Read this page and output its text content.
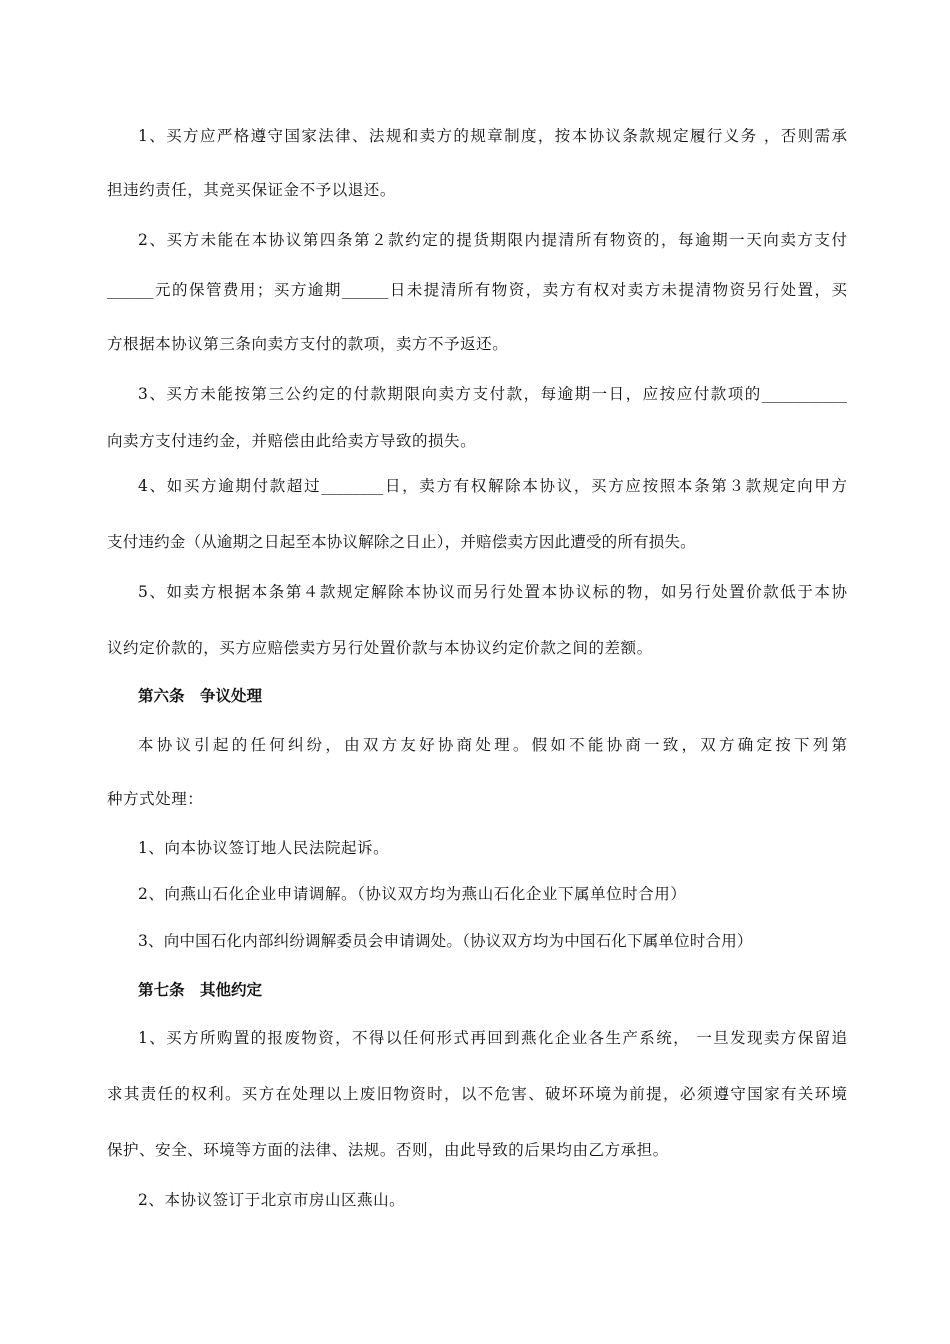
1、买方应严格遵守国家法律、法规和卖方的规章制度，按本协议条款规定履行义务 ，否则需承
担违约责任，其竞买保证金不予以退还。
2、买方未能在本协议第四条第２款约定的提货期限内提清所有物资的，每逾期一天向卖方支付
______元的保管费用；买方逾期______日未提清所有物资，卖方有权对卖方未提清物资另行处置，买
方根据本协议第三条向卖方支付的款项，卖方不予返还。
3、买方未能按第三公约定的付款期限向卖方支付款，每逾期一日，应按应付款项的___________
向卖方支付违约金，并赔偿由此给卖方导致的损失。
4、如买方逾期付款超过________日，卖方有权解除本协议，买方应按照本条第３款规定向甲方
支付违约金（从逾期之日起至本协议解除之日止），并赔偿卖方因此遭受的所有损失。
5、如卖方根据本条第４款规定解除本协议而另行处置本协议标的物，如另行处置价款低于本协
议约定价款的，买方应赔偿卖方另行处置价款与本协议约定价款之间的差额。
第六条　争议处理
本协议引起的任何纠纷，由双方友好协商处理。假如不能协商一致，双方确定按下列第
种方式处理：
1、向本协议签订地人民法院起诉。
2、向燕山石化企业申请调解。（协议双方均为燕山石化企业下属单位时合用）
3、向中国石化内部纠纷调解委员会申请调处。（协议双方均为中国石化下属单位时合用）
第七条　其他约定
1、买方所购置的报废物资，不得以任何形式再回到燕化企业各生产系统， 一旦发现卖方保留追
求其责任的权利。买方在处理以上废旧物资时，以不危害、破坏环境为前提，必须遵守国家有关环境
保护、安全、环境等方面的法律、法规。否则，由此导致的后果均由乙方承担。
2、本协议签订于北京市房山区燕山。
